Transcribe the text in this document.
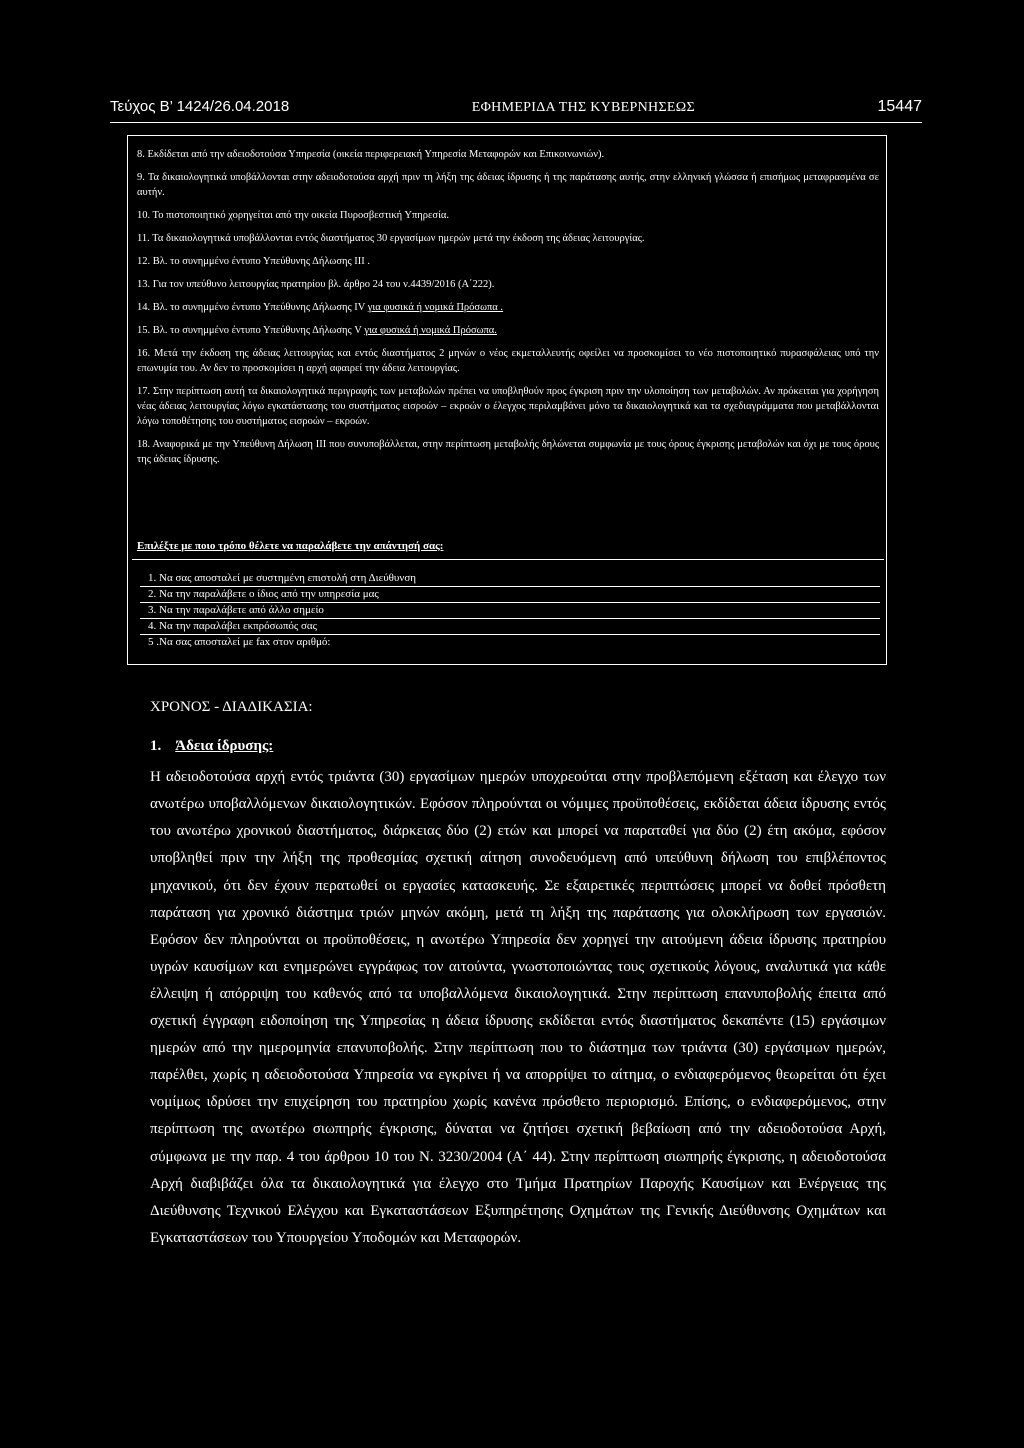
Τεύχος Β’ 1424/26.04.2018	ΕΦΗΜΕΡΙΔΑ ΤΗΣ ΚΥΒΕΡΝΗΣΕΩΣ	15447

8. Εκδίδεται από την αδειοδοτούσα Υπηρεσία (οικεία περιφερειακή Υπηρεσία Μεταφορών και Επικοινωνιών).

9. Τα δικαιολογητικά υποβάλλονται στην αδειοδοτούσα αρχή πριν τη λήξη της άδειας ίδρυσης ή της παράτασης αυτής, στην ελληνική γλώσσα ή επισήμως μεταφρασμένα σε αυτήν.

10. Το πιστοποιητικό χορηγείται από την οικεία Πυροσβεστική Υπηρεσία.

11. Τα δικαιολογητικά υποβάλλονται εντός διαστήματος 30 εργασίμων ημερών μετά την έκδοση της άδειας λειτουργίας.

12. Βλ. το συνημμένο έντυπο Υπεύθυνης Δήλωσης ΙΙΙ .

13. Για τον υπεύθυνο λειτουργίας πρατηρίου βλ. άρθρο 24 του ν.4439/2016 (Α΄222).

14. Βλ. το συνημμένο έντυπο Υπεύθυνης Δήλωσης IV για φυσικά ή νομικά Πρόσωπα .

15. Βλ. το συνημμένο έντυπο Υπεύθυνης Δήλωσης V για φυσικά ή νομικά Πρόσωπα.

16. Μετά την έκδοση της άδειας λειτουργίας και εντός διαστήματος 2 μηνών ο νέος εκμεταλλευτής οφείλει να προσκομίσει το νέο πιστοποιητικό πυρασφάλειας υπό την επωνυμία του. Αν δεν το προσκομίσει η αρχή αφαιρεί την άδεια λειτουργίας.

17. Στην περίπτωση αυτή τα δικαιολογητικά περιγραφής των μεταβολών πρέπει να υποβληθούν προς έγκριση πριν την υλοποίηση των μεταβολών. Αν πρόκειται για χορήγηση νέας άδειας λειτουργίας λόγω εγκατάστασης του συστήματος εισροών – εκροών ο έλεγχος περιλαμβάνει μόνο τα δικαιολογητικά και τα σχεδιαγράμματα που μεταβάλλονται λόγω τοποθέτησης του συστήματος εισροών – εκροών.

18. Αναφορικά με την Υπεύθυνη Δήλωση ΙΙΙ που συνυποβάλλεται, στην περίπτωση μεταβολής δηλώνεται συμφωνία με τους όρους έγκρισης μεταβολών και όχι με τους όρους της άδειας ίδρυσης.

Επιλέξτε με ποιο τρόπο θέλετε να παραλάβετε την απάντησή σας:
1. Να σας αποσταλεί με συστημένη επιστολή στη Διεύθυνση
2. Να την παραλάβετε ο ίδιος από την υπηρεσία μας
3. Να την παραλάβετε από άλλο σημείο
4. Να την παραλάβει εκπρόσωπός σας
5 .Να σας αποσταλεί με fax στον αριθμό:

ΧΡΟΝΟΣ - ΔΙΑΔΙΚΑΣΙΑ:

1. Άδεια ίδρυσης:

Η αδειοδοτούσα αρχή εντός τριάντα (30) εργασίμων ημερών υποχρεούται στην προβλεπόμενη εξέταση και έλεγχο των ανωτέρω υποβαλλόμενων δικαιολογητικών. Εφόσον πληρούνται οι νόμιμες προϋποθέσεις, εκδίδεται άδεια ίδρυσης εντός του ανωτέρω χρονικού διαστήματος, διάρκειας δύο (2) ετών και μπορεί να παραταθεί για δύο (2) έτη ακόμα, εφόσον υποβληθεί πριν την λήξη της προθεσμίας σχετική αίτηση συνοδευόμενη από υπεύθυνη δήλωση του επιβλέποντος μηχανικού, ότι δεν έχουν περατωθεί οι εργασίες κατασκευής. Σε εξαιρετικές περιπτώσεις μπορεί να δοθεί πρόσθετη παράταση για χρονικό διάστημα τριών μηνών ακόμη, μετά τη λήξη της παράτασης για ολοκλήρωση των εργασιών. Εφόσον δεν πληρούνται οι προϋποθέσεις, η ανωτέρω Υπηρεσία δεν χορηγεί την αιτούμενη άδεια ίδρυσης πρατηρίου υγρών καυσίμων και ενημερώνει εγγράφως τον αιτούντα, γνωστοποιώντας τους σχετικούς λόγους, αναλυτικά για κάθε έλλειψη ή απόρριψη του καθενός από τα υποβαλλόμενα δικαιολογητικά. Στην περίπτωση επανυποβολής έπειτα από σχετική έγγραφη ειδοποίηση της Υπηρεσίας η άδεια ίδρυσης εκδίδεται εντός διαστήματος δεκαπέντε (15) εργάσιμων ημερών από την ημερομηνία επανυποβολής. Στην περίπτωση που το διάστημα των τριάντα (30) εργάσιμων ημερών, παρέλθει, χωρίς η αδειοδοτούσα Υπηρεσία να εγκρίνει ή να απορρίψει το αίτημα, ο ενδιαφερόμενος θεωρείται ότι έχει νομίμως ιδρύσει την επιχείρηση του πρατηρίου χωρίς κανένα πρόσθετο περιορισμό. Επίσης, ο ενδιαφερόμενος, στην περίπτωση της ανωτέρω σιωπηρής έγκρισης, δύναται να ζητήσει σχετική βεβαίωση από την αδειοδοτούσα Αρχή, σύμφωνα με την παρ. 4 του άρθρου 10 του Ν. 3230/2004 (Α΄ 44). Στην περίπτωση σιωπηρής έγκρισης, η αδειοδοτούσα Αρχή διαβιβάζει όλα τα δικαιολογητικά για έλεγχο στο Τμήμα Πρατηρίων Παροχής Καυσίμων και Ενέργειας της Διεύθυνσης Τεχνικού Ελέγχου και Εγκαταστάσεων Εξυπηρέτησης Οχημάτων της Γενικής Διεύθυνσης Οχημάτων και Εγκαταστάσεων του Υπουργείου Υποδομών και Μεταφορών.
